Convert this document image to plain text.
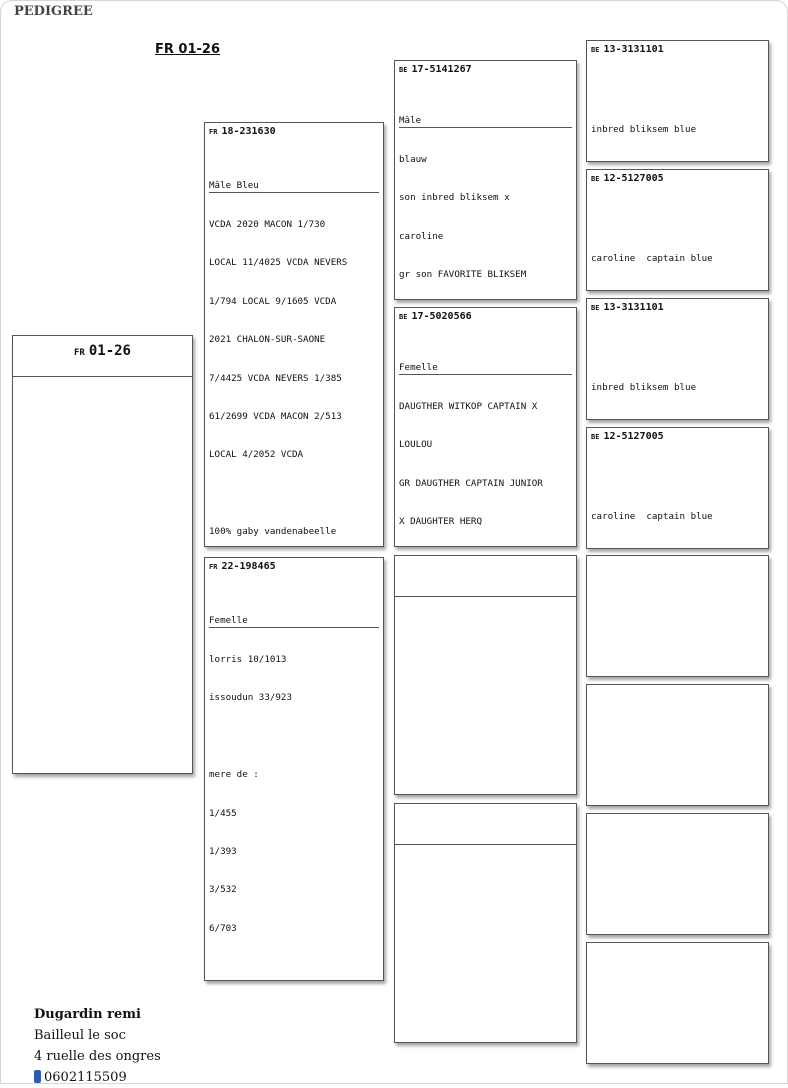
PEDIGREE
FR 01-26
FR 01-26
FR 18-231630

Mâle Bleu

VCDA 2020 MACON 1/730

LOCAL 11/4025 VCDA NEVERS

1/794 LOCAL 9/1605 VCDA

2021 CHALON-SUR-SAONE

7/4425 VCDA NEVERS 1/385

61/2699 VCDA MACON 2/513

LOCAL 4/2052 VCDA

100% gaby vandenabeelle

FR 22-198465

Femelle

lorris 10/1013

issoudun 33/923

mere de :

1/455

1/393

3/532

6/703

BE 17-5141267

Mâle

blauw

son inbred bliksem x

caroline

gr son FAVORITE BLIKSEM

BE 17-5020566

Femelle

DAUGTHER WITKOP CAPTAIN X

LOULOU

GR DAUGTHER CAPTAIN JUNIOR

X DAUGHTER HERQ

BE 13-3131101

inbred bliksem blue

BE 12-5127005

caroline  captain blue

BE 13-3131101

inbred bliksem blue

BE 12-5127005

caroline  captain blue

Dugardin remi
Bailleul le soc
4 ruelle des ongres
0602115509
